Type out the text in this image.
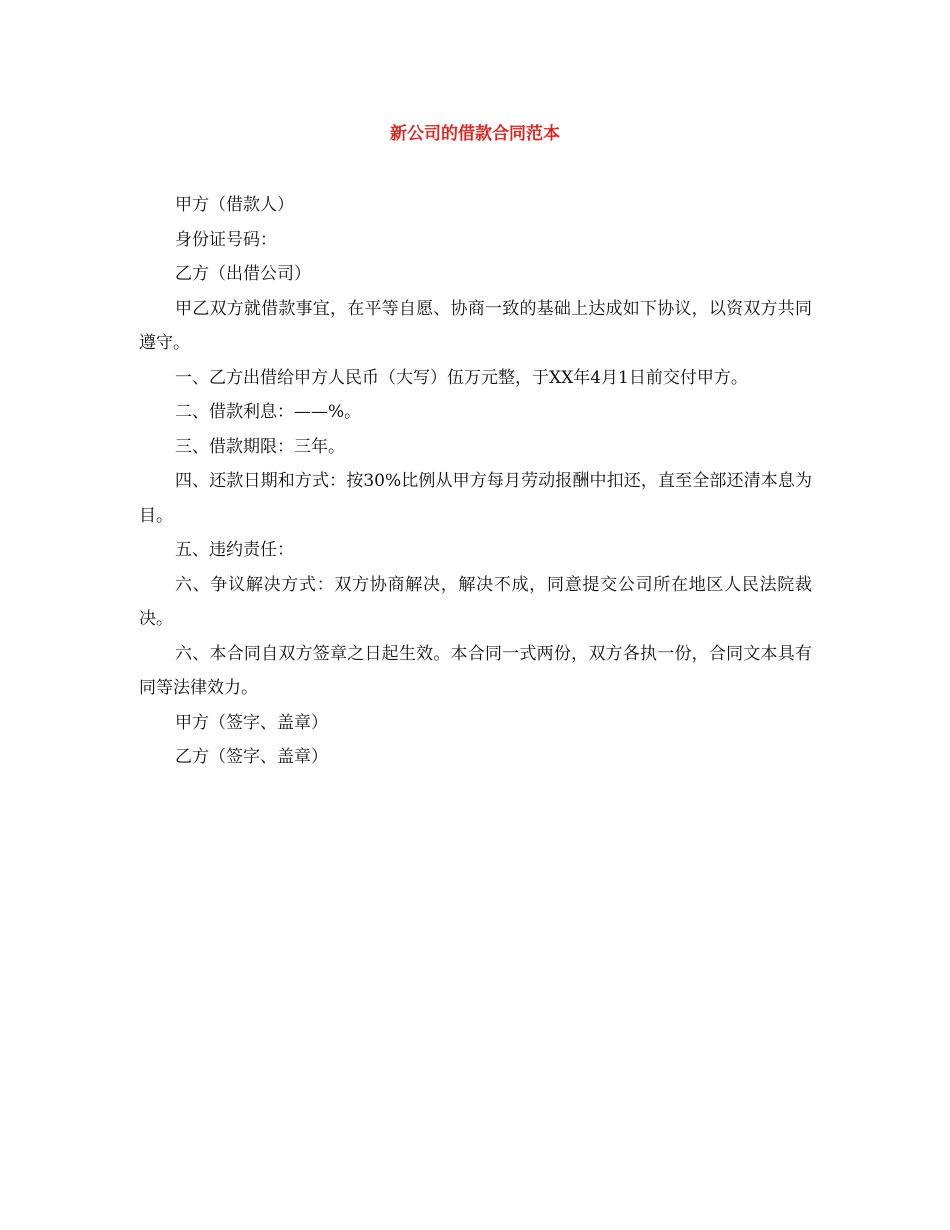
新公司的借款合同范本

甲方（借款人）

身份证号码：

乙方（出借公司）

甲乙双方就借款事宜，在平等自愿、协商一致的基础上达成如下协议，以资双方共同遵守。

一、乙方出借给甲方人民币（大写）伍万元整，于XX年4月1日前交付甲方。

二、借款利息：——%。

三、借款期限：三年。

四、还款日期和方式：按30%比例从甲方每月劳动报酬中扣还，直至全部还清本息为目。

五、违约责任：

六、争议解决方式：双方协商解决，解决不成，同意提交公司所在地区人民法院裁决。

六、本合同自双方签章之日起生效。本合同一式两份，双方各执一份，合同文本具有同等法律效力。

甲方（签字、盖章）

乙方（签字、盖章）
